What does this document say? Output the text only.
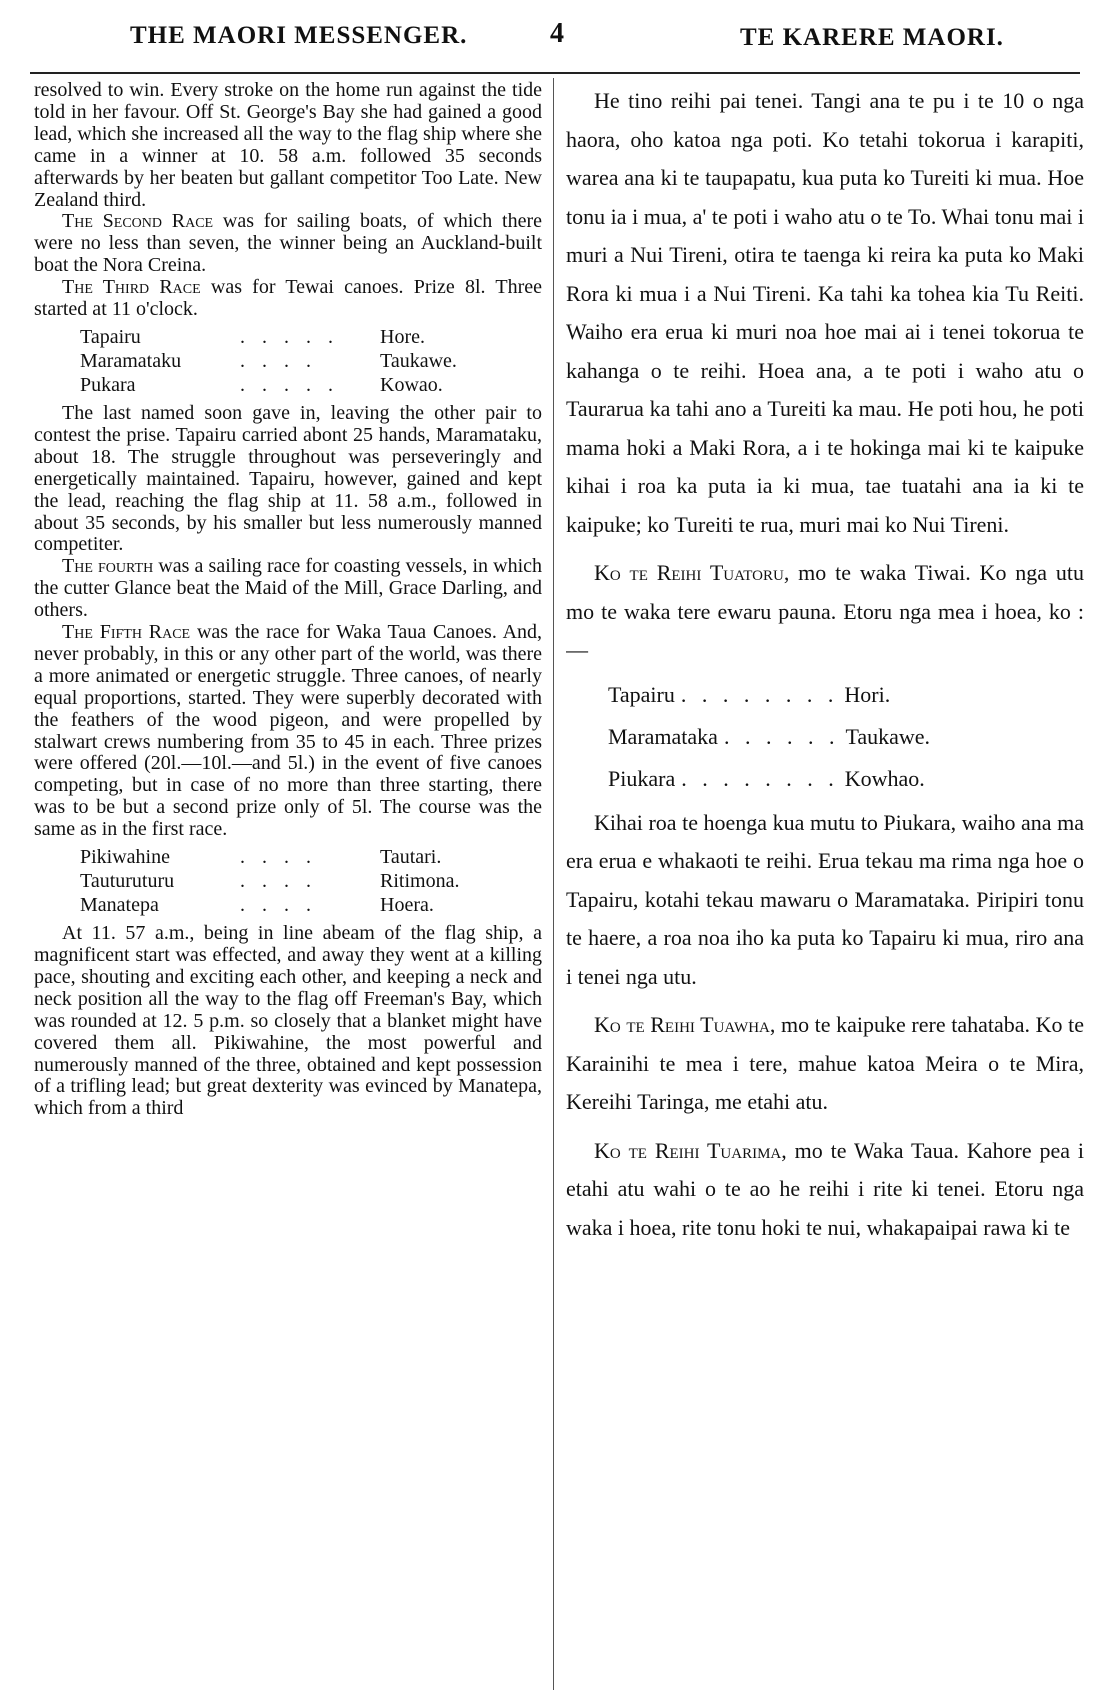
THE MAORI MESSENGER.	4	TE KARERE MAORI.

resolved to win. Every stroke on the home run against the tide told in her favour. Off St. George's Bay she had gained a good lead, which she increased all the way to the flag ship where she came in a winner at 10. 58 a.m. followed 35 seconds afterwards by her beaten but gallant competitor Too Late. New Zealand third.

The Second Race was for sailing boats, of which there were no less than seven, the winner being an Auckland-built boat the Nora Creina.

The Third Race was for Tewai canoes. Prize 8l. Three started at 11 o'clock.

Tapairu	. . . . .	Hore.
Maramataku	. . . .	Taukawe.
Pukara	. . . . .	Kowao.

The last named soon gave in, leaving the other pair to contest the prise. Tapairu carried abont 25 hands, Maramataku, about 18. The struggle throughout was perseveringly and energetically maintained. Tapairu, however, gained and kept the lead, reaching the flag ship at 11. 58 a.m., followed in about 35 seconds, by his smaller but less numerously manned competiter.

The fourth was a sailing race for coasting vessels, in which the cutter Glance beat the Maid of the Mill, Grace Darling, and others.

The Fifth Race was the race for Waka Taua Canoes. And, never probably, in this or any other part of the world, was there a more animated or energetic struggle. Three canoes, of nearly equal proportions, started. They were superbly decorated with the feathers of the wood pigeon, and were propelled by stalwart crews numbering from 35 to 45 in each. Three prizes were offered (20l.—10l.—and 5l.) in the event of five canoes competing, but in case of no more than three starting, there was to be but a second prize only of 5l. The course was the same as in the first race.

Pikiwahine	. . . .	Tautari.
Tauturuturu	. . . .	Ritimona.
Manatepa	. . . .	Hoera.

At 11. 57 a.m., being in line abeam of the flag ship, a magnificent start was effected, and away they went at a killing pace, shouting and exciting each other, and keeping a neck and neck position all the way to the flag off Freeman's Bay, which was rounded at 12. 5 p.m. so closely that a blanket might have covered them all. Pikiwahine, the most powerful and numerously manned of the three, obtained and kept possession of a trifling lead; but great dexterity was evinced by Manatepa, which from a third

He tino reihi pai tenei. Tangi ana te pu i te 10 o nga haora, oho katoa nga poti. Ko tetahi tokorua i karapiti, warea ana ki te taupapatu, kua puta ko Tureiti ki mua. Hoe tonu ia i mua, a' te poti i waho atu o te To. Whai tonu mai i muri a Nui Tireni, otira te taenga ki reira ka puta ko Maki Rora ki mua i a Nui Tireni. Ka tahi ka tohea kia Tu Reiti. Waiho era erua ki muri noa hoe mai ai i tenei tokorua te kahanga o te reihi. Hoea ana, a te poti i waho atu o Taurarua ka tahi ano a Tureiti ka mau. He poti hou, he poti mama hoki a Maki Rora, a i te hokinga mai ki te kaipuke kihai i roa ka puta ia ki mua, tae tuatahi ana ia ki te kaipuke; ko Tureiti te rua, muri mai ko Nui Tireni.

Ko te Reihi Tuatoru, mo te waka Tiwai. Ko nga utu mo te waka tere ewaru pauna. Etoru nga mea i hoea, ko :—

Tapairu . . . . . . . . Hori.
Maramataka . . . . . . Taukawe.
Piukara . . . . . . . . Kowhao.

Kihai roa te hoenga kua mutu to Piukara, waiho ana ma era erua e whakaoti te reihi. Erua tekau ma rima nga hoe o Tapairu, kotahi tekau mawaru o Maramataka. Piripiri tonu te haere, a roa noa iho ka puta ko Tapairu ki mua, riro ana i tenei nga utu.

Ko te Reihi Tuawha, mo te kaipuke rere tahataba. Ko te Karainihi te mea i tere, mahue katoa Meira o te Mira, Kereihi Taringa, me etahi atu.

Ko te Reihi Tuarima, mo te Waka Taua. Kahore pea i etahi atu wahi o te ao he reihi i rite ki tenei. Etoru nga waka i hoea, rite tonu hoki te nui, whakapaipai rawa ki te
